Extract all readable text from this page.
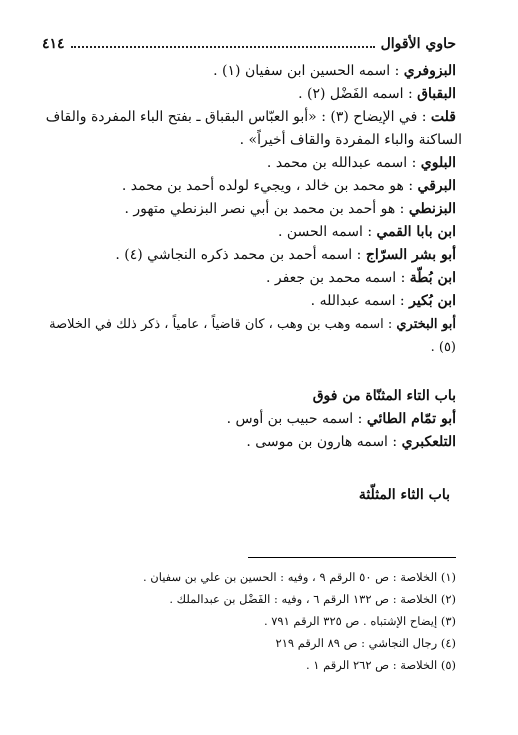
حاوي الأقوال
٤١٤

البزوفري : اسمه الحسين ابن سفيان (١) .

البقباق : اسمه الفَضْل (٢) .

قلت : في الإيضاح (٣) : «أبو العبّاس البقباق ـ بفتح الباء المفردة والقاف

الساكنة والباء المفردة والقاف أخيراً» .

البلوي : اسمه عبدالله بن محمد .

البرقي : هو محمد بن خالد ، ويجيء لولده أحمد بن محمد .

البزنطي : هو أحمد بن محمد بن أبي نصر البزنطي متهور .

ابن بابا القمي : اسمه الحسن .

أبو بشر السرّاج : اسمه أحمد بن محمد ذكره النجاشي (٤) .

ابن بُطّة : اسمه محمد بن جعفر .

ابن بُكير : اسمه عبدالله .

أبو البختري : اسمه وهب بن وهب ، كان قاضياً ، عامياً ، ذكر ذلك في الخلاصة (٥) .

باب التاء المثنّاة من فوق

أبو تمّام الطائي : اسمه حبيب بن أوس .

التلعكبري : اسمه هارون بن موسى .

باب الثاء المثلّثة

(١) الخلاصة : ص ٥٠ الرقم ٩ ، وفيه : الحسين بن علي بن سفيان .

(٢) الخلاصة : ص ١٣٢ الرقم ٦ ، وفيه : الفَضْل بن عبدالملك .

(٣) إيضاح الإشتباه . ص ٣٢٥ الرقم ٧٩١ .

(٤) رجال النجاشي : ص ٨٩ الرقم ٢١٩

(٥) الخلاصة : ص ٢٦٢ الرقم ١ .
